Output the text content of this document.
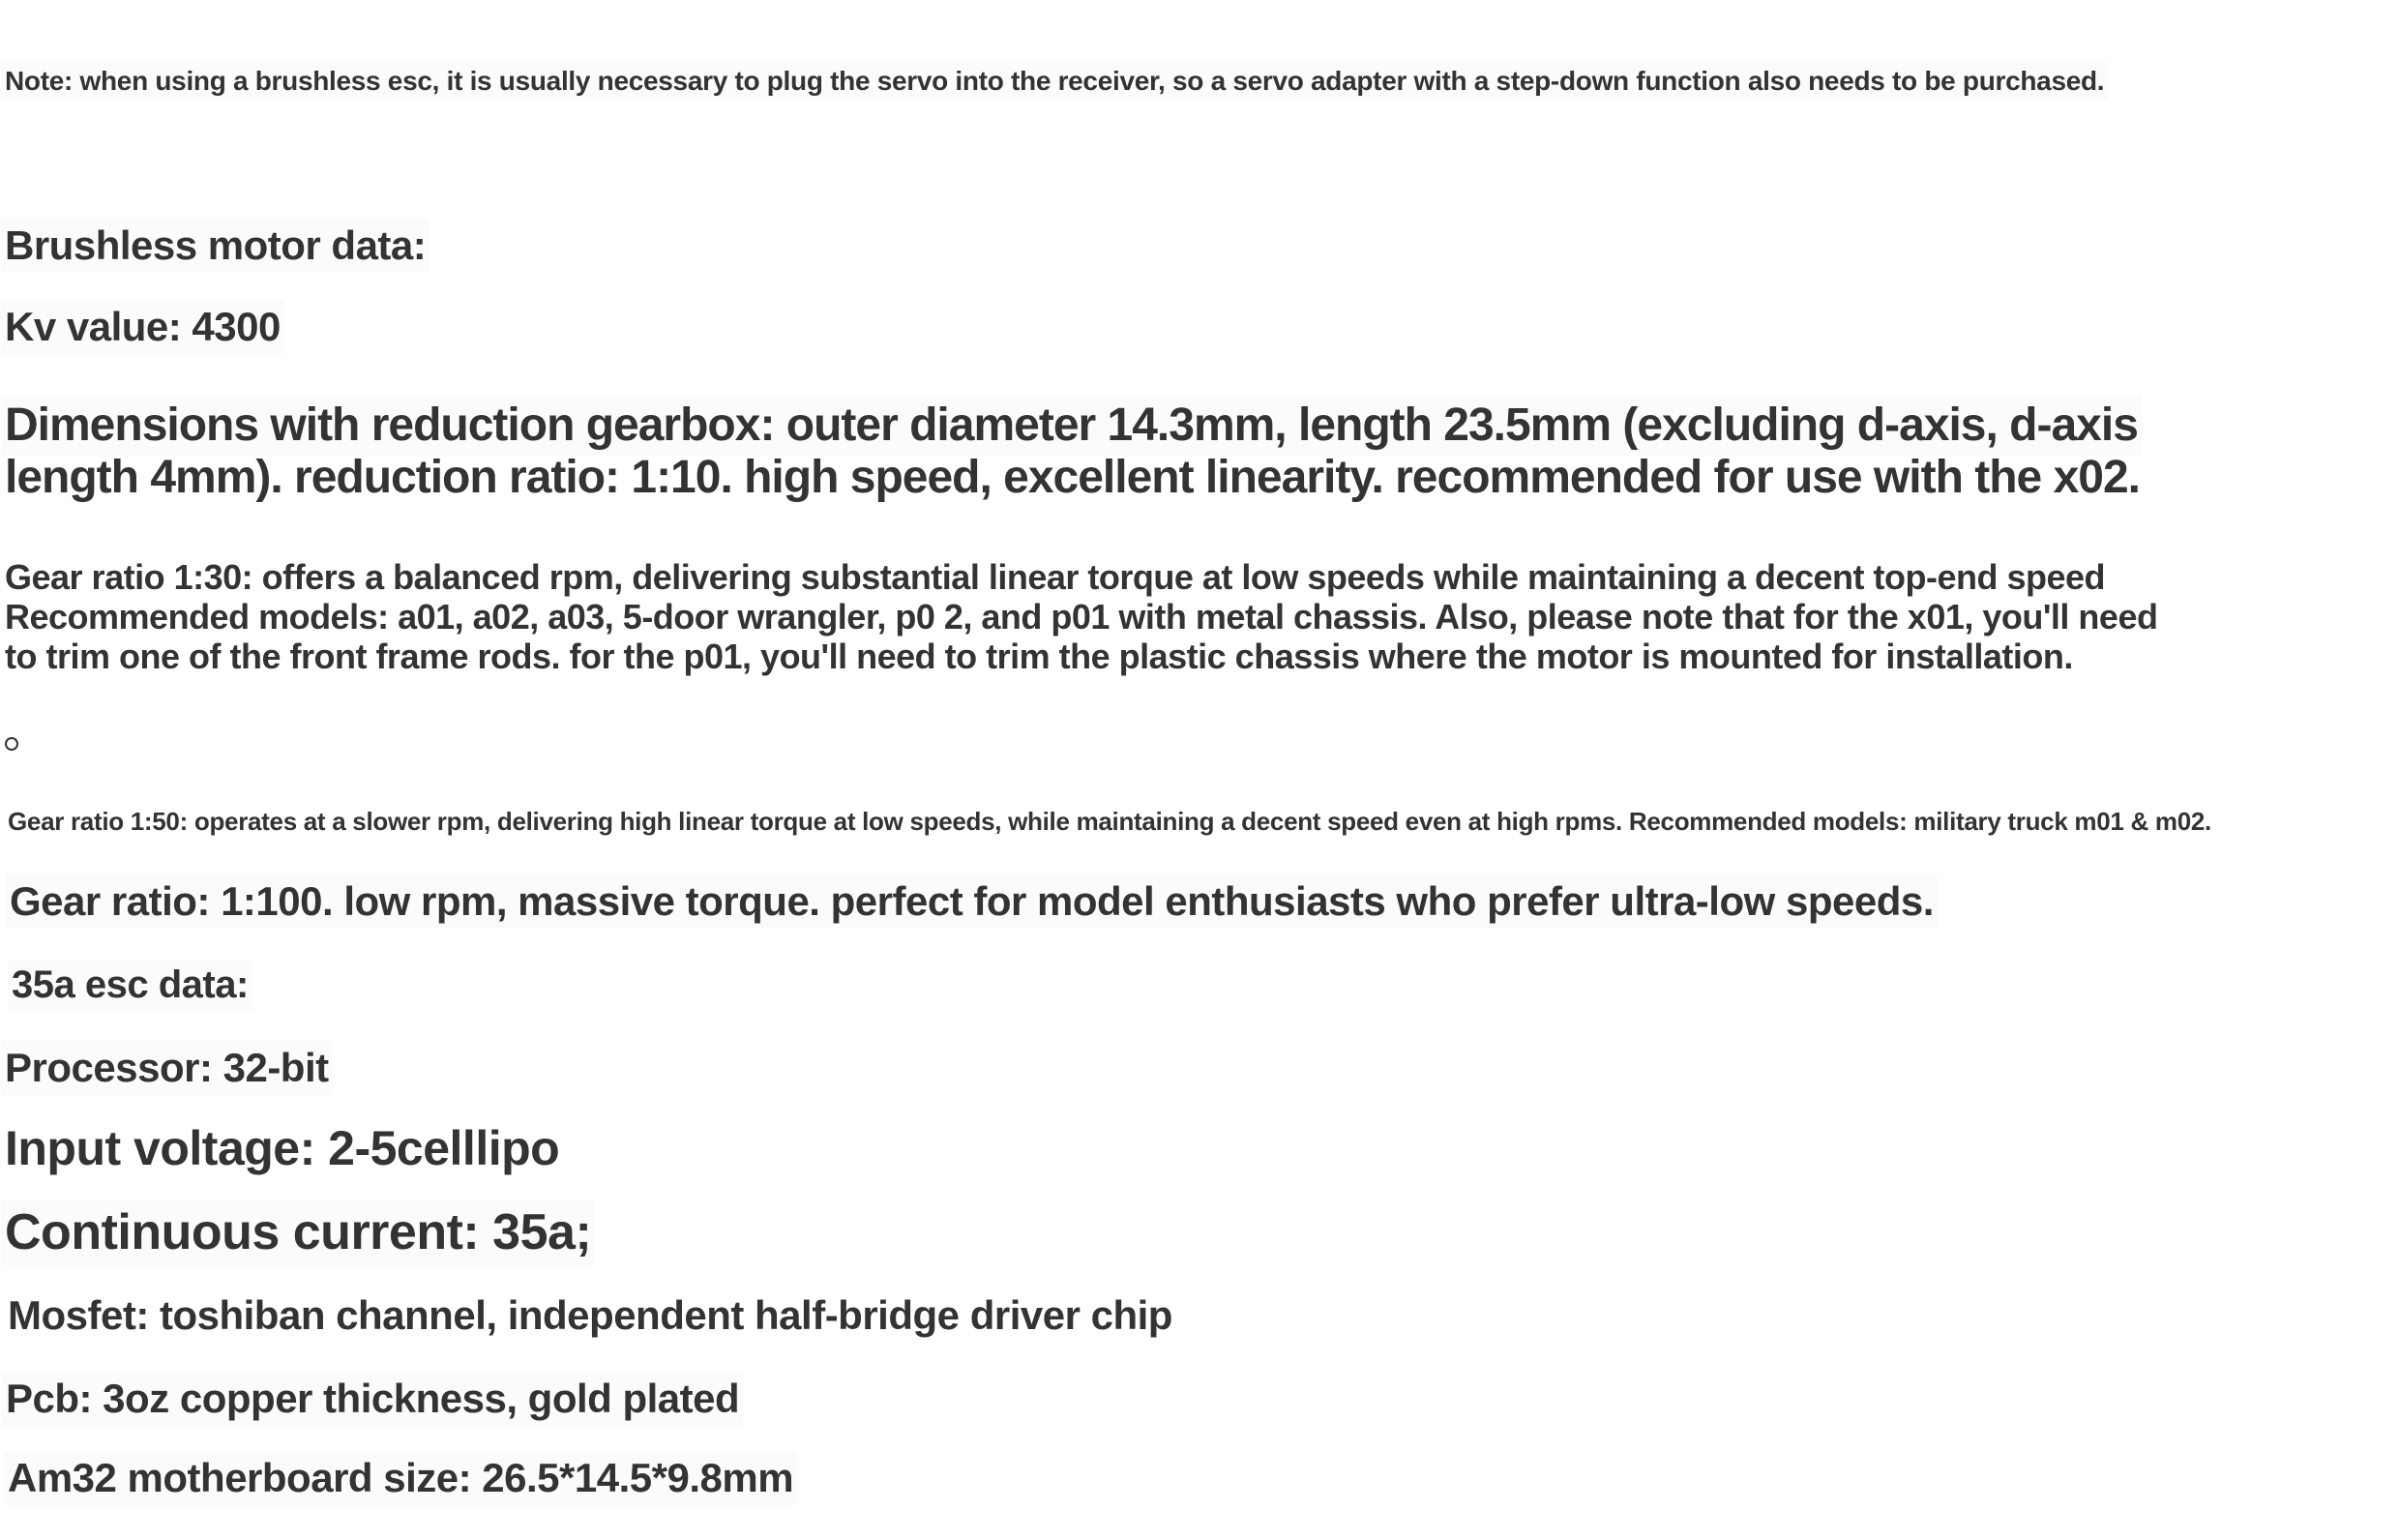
Note: when using a brushless esc, it is usually necessary to plug the servo into the receiver, so a servo adapter with a step-down function also needs to be purchased.
Brushless motor data:
Kv value: 4300
Dimensions with reduction gearbox: outer diameter 14.3mm, length 23.5mm (excluding d-axis, d-axis
length 4mm). reduction ratio: 1:10. high speed, excellent linearity. recommended for use with the x02.
Gear ratio 1:30: offers a balanced rpm, delivering substantial linear torque at low speeds while maintaining a decent top-end speed
Recommended models: a01, a02, a03, 5-door wrangler, p0 2, and p01 with metal chassis. Also, please note that for the x01, you'll need
to trim one of the front frame rods. for the p01, you'll need to trim the plastic chassis where the motor is mounted for installation.
Gear ratio 1:50: operates at a slower rpm, delivering high linear torque at low speeds, while maintaining a decent speed even at high rpms. Recommended models: military truck m01 & m02.
Gear ratio: 1:100. low rpm, massive torque. perfect for model enthusiasts who prefer ultra-low speeds.
35a esc data:
Processor: 32-bit
Input voltage: 2-5celllipo
Continuous current: 35a;
Mosfet: toshiban channel, independent half-bridge driver chip
Pcb: 3oz copper thickness, gold plated
Am32 motherboard size: 26.5*14.5*9.8mm
